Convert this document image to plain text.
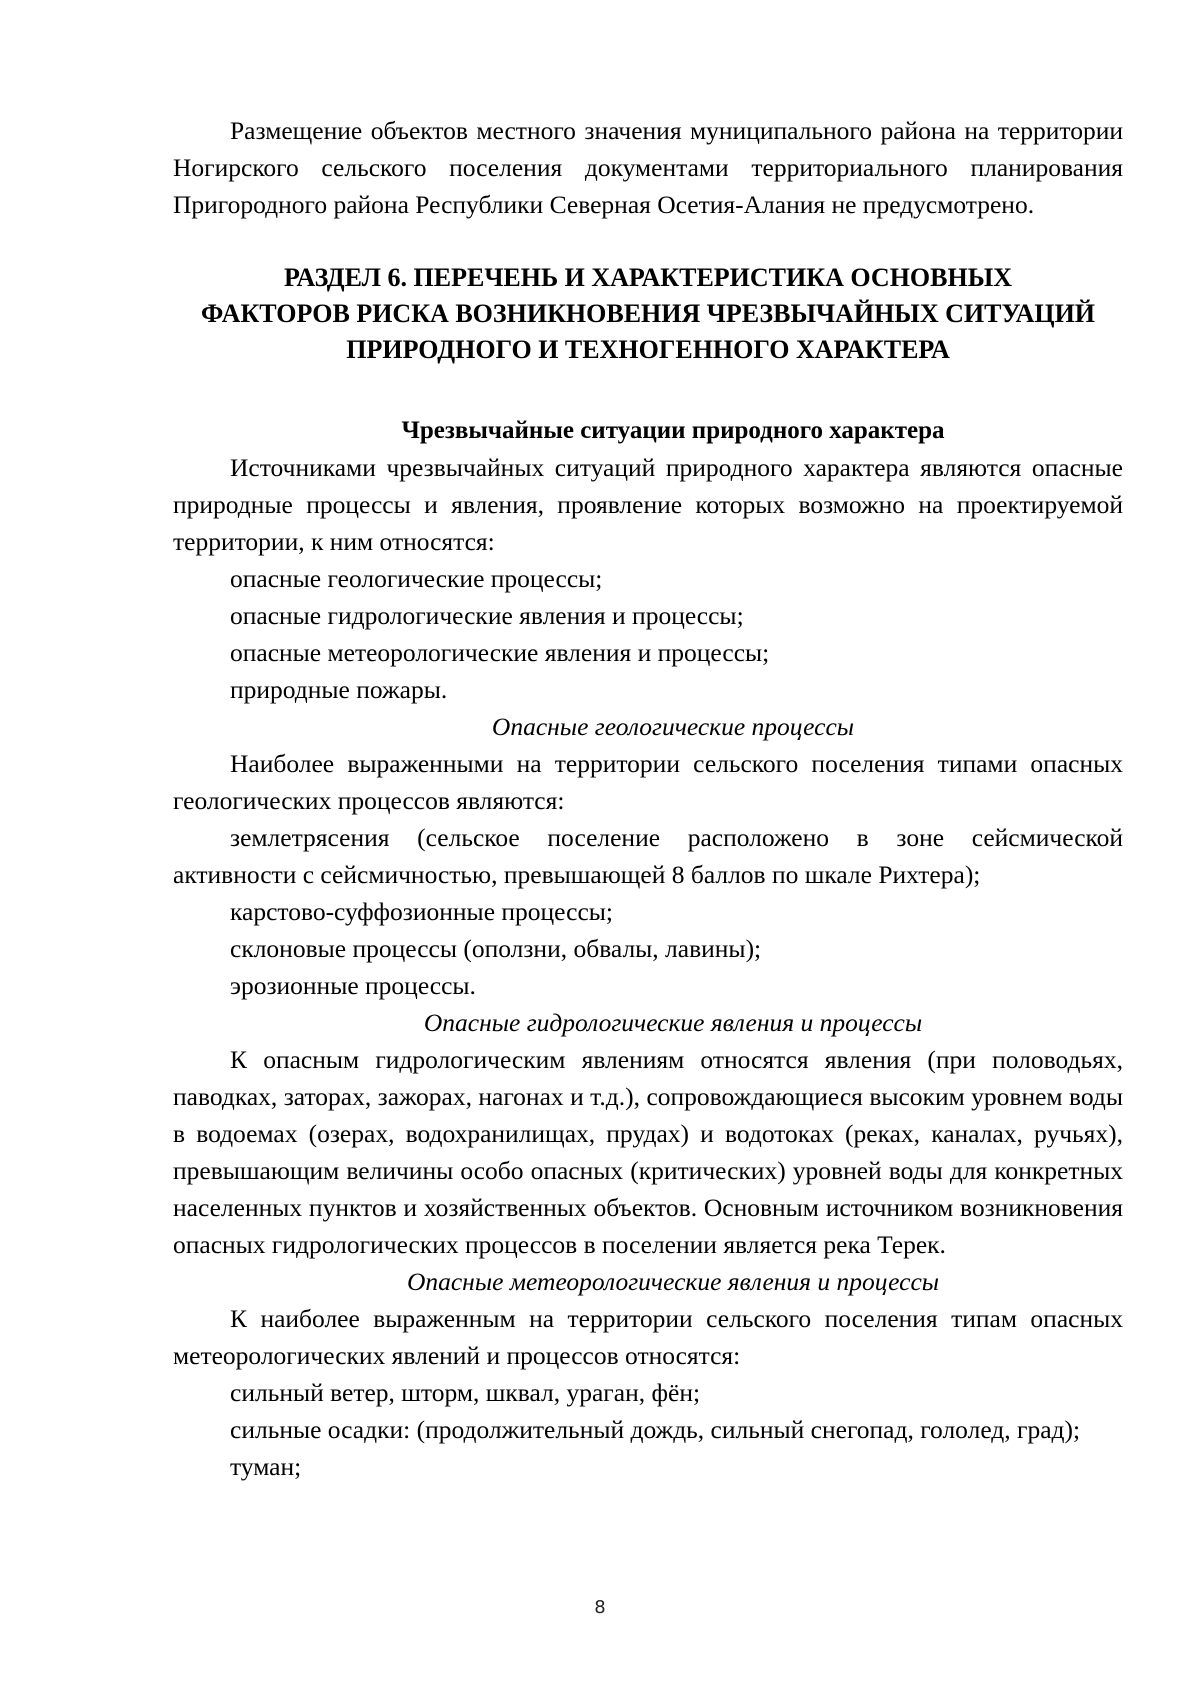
Размещение объектов местного значения муниципального района на территории Ногирского сельского поселения документами территориального планирования Пригородного района Республики Северная Осетия-Алания не предусмотрено.

РАЗДЕЛ 6. ПЕРЕЧЕНЬ И ХАРАКТЕРИСТИКА ОСНОВНЫХ
ФАКТОРОВ РИСКА ВОЗНИКНОВЕНИЯ ЧРЕЗВЫЧАЙНЫХ СИТУАЦИЙ
ПРИРОДНОГО И ТЕХНОГЕННОГО ХАРАКТЕРА
Чрезвычайные ситуации природного характера

Источниками чрезвычайных ситуаций природного характера являются опасные природные процессы и явления, проявление которых возможно на проектируемой территории, к ним относятся:

опасные геологические процессы;

опасные гидрологические явления и процессы;

опасные метеорологические явления и процессы;

природные пожары.

Опасные геологические процессы

Наиболее выраженными на территории сельского поселения типами опасных геологических процессов являются:

землетрясения (сельское поселение расположено в зоне сейсмической активности с сейсмичностью, превышающей 8 баллов по шкале Рихтера);

карстово-суффозионные процессы;

склоновые процессы (оползни, обвалы, лавины);

эрозионные процессы.

Опасные гидрологические явления и процессы

К опасным гидрологическим явлениям относятся явления (при половодьях, паводках, заторах, зажорах, нагонах и т.д.), сопровождающиеся высоким уровнем воды в водоемах (озерах, водохранилищах, прудах) и водотоках (реках, каналах, ручьях), превышающим величины особо опасных (критических) уровней воды для конкретных населенных пунктов и хозяйственных объектов. Основным источником возникновения опасных гидрологических процессов в поселении является река Терек.

Опасные метеорологические явления и процессы

К наиболее выраженным на территории сельского поселения типам опасных метеорологических явлений и процессов относятся:

сильный ветер, шторм, шквал, ураган, фён;

сильные осадки: (продолжительный дождь, сильный снегопад, гололед, град);

туман;

8
